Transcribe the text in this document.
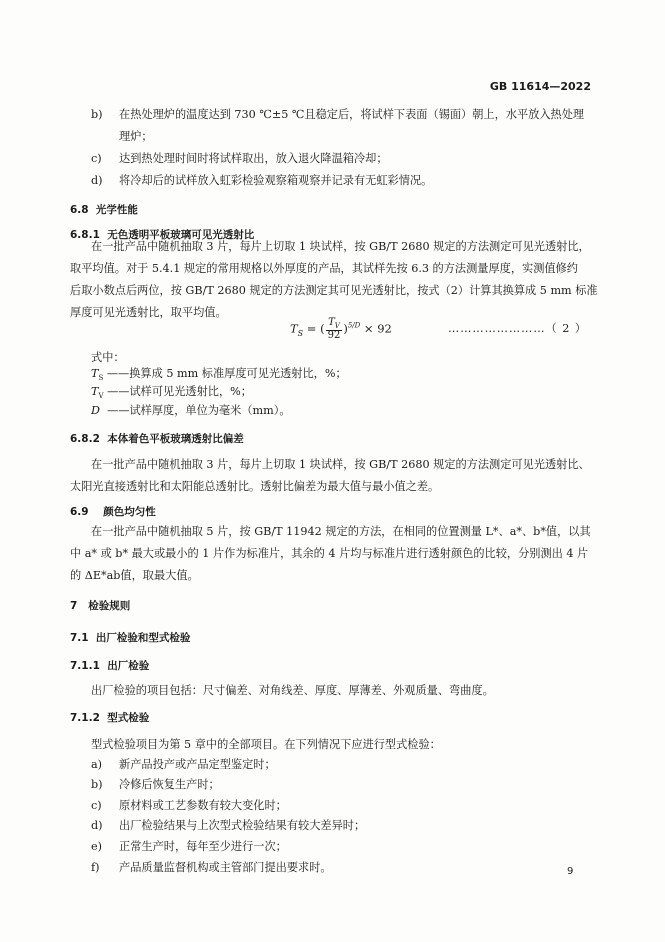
GB 11614—2022
b) 在热处理炉的温度达到 730 ℃±5 ℃且稳定后，将试样下表面（锡面）朝上，水平放入热处理
理炉；
c) 达到热处理时间时将试样取出，放入退火降温箱冷却；
d) 将冷却后的试样放入虹彩检验观察箱观察并记录有无虹彩情况。
6.8 光学性能
6.8.1 无色透明平板玻璃可见光透射比
在一批产品中随机抽取 3 片，每片上切取 1 块试样，按 GB/T 2680 规定的方法测定可见光透射比，
取平均值。对于 5.4.1 规定的常用规格以外厚度的产品，其试样先按 6.3 的方法测量厚度，实测值修约
后取小数点后两位，按 GB/T 2680 规定的方法测定其可见光透射比，按式（2）计算其换算成 5 mm 标准
厚度可见光透射比，取平均值。
$T_S$ = ( $\frac{T_V}{92} )^{5/D} \times 92$	……………………（ 2 ）
式中：
$T_S$ ——换算成 5 mm 标准厚度可见光透射比，%；
$T_V$ ——试样可见光透射比，%；
D ——试样厚度，单位为毫米（mm）。
6.8.2 本体着色平板玻璃透射比偏差
在一批产品中随机抽取 3 片，每片上切取 1 块试样，按 GB/T 2680 规定的方法测定可见光透射比、
太阳光直接透射比和太阳能总透射比。透射比偏差为最大值与最小值之差。
6.9 颜色均匀性
在一批产品中随机抽取 5 片，按 GB/T 11942 规定的方法，在相同的位置测量 L*、a*、b*值，以其
中 a* 或 b* 最大或最小的 1 片作为标准片，其余的 4 片均与标准片进行透射颜色的比较，分别测出 4 片
的 ΔE*ab值，取最大值。
7 检验规则
7.1 出厂检验和型式检验
7.1.1 出厂检验
出厂检验的项目包括：尺寸偏差、对角线差、厚度、厚薄差、外观质量、弯曲度。
7.1.2 型式检验
型式检验项目为第 5 章中的全部项目。在下列情况下应进行型式检验：
a) 新产品投产或产品定型鉴定时；
b) 冷修后恢复生产时；
c) 原材料或工艺参数有较大变化时；
d) 出厂检验结果与上次型式检验结果有较大差异时；
e) 正常生产时，每年至少进行一次；
f) 产品质量监督机构或主管部门提出要求时。	9
